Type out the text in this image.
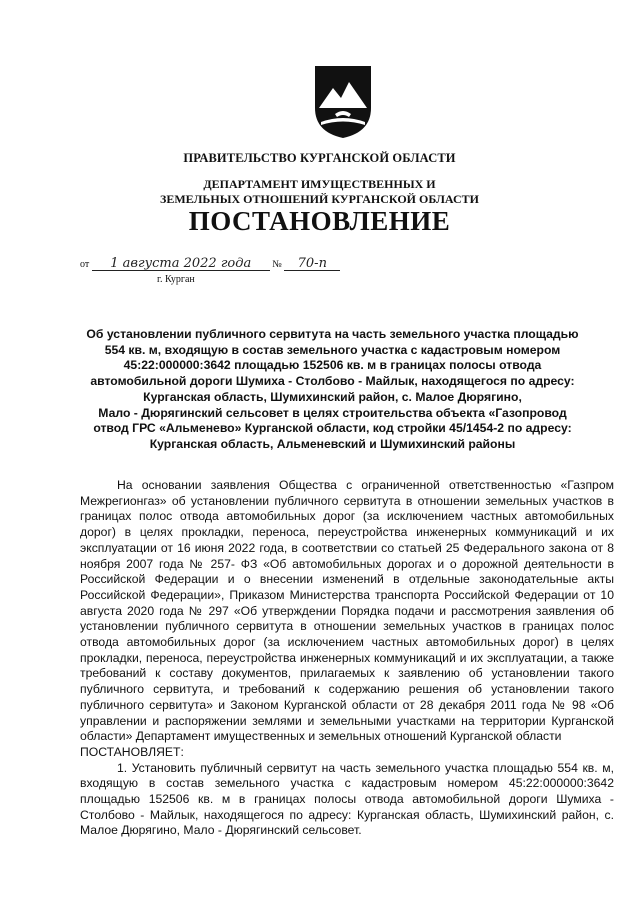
ПРАВИТЕЛЬСТВО КУРГАНСКОЙ ОБЛАСТИ
ДЕПАРТАМЕНТ ИМУЩЕСТВЕННЫХ И
ЗЕМЕЛЬНЫХ ОТНОШЕНИЙ КУРГАНСКОЙ ОБЛАСТИ
ПОСТАНОВЛЕНИЕ
от 1 августа 2022 года № 70-п
г. Курган
Об установлении публичного сервитута на часть земельного участка площадью
554 кв. м, входящую в состав земельного участка с кадастровым номером
45:22:000000:3642 площадью 152506 кв. м в границах полосы отвода
автомобильной дороги Шумиха - Столбово - Майлык, находящегося по адресу:
Курганская область, Шумихинский район, с. Малое Дюрягино,
Мало - Дюрягинский сельсовет в целях строительства объекта «Газопровод
отвод ГРС «Альменево» Курганской области, код стройки 45/1454-2 по адресу:
Курганская область, Альменевский и Шумихинский районы

На основании заявления Общества с ограниченной ответственностью «Газпром Межрегионгаз» об установлении публичного сервитута в отношении земельных участков в границах полос отвода автомобильных дорог (за исключением частных автомобильных дорог) в целях прокладки, переноса, переустройства инженерных коммуникаций и их эксплуатации от 16 июня 2022 года, в соответствии со статьей 25 Федерального закона от 8 ноября 2007 года № 257- ФЗ «Об автомобильных дорогах и о дорожной деятельности в Российской Федерации и о внесении изменений в отдельные законодательные акты Российской Федерации», Приказом Министерства транспорта Российской Федерации от 10 августа 2020 года № 297 «Об утверждении Порядка подачи и рассмотрения заявления об установлении публичного сервитута в отношении земельных участков в границах полос отвода автомобильных дорог (за исключением частных автомобильных дорог) в целях прокладки, переноса, переустройства инженерных коммуникаций и их эксплуатации, а также требований к составу документов, прилагаемых к заявлению об установлении такого публичного сервитута, и требований к содержанию решения об установлении такого публичного сервитута» и Законом Курганской области от 28 декабря 2011 года № 98 «Об управлении и распоряжении землями и земельными участками на территории Курганской области» Департамент имущественных и земельных отношений Курганской области

ПОСТАНОВЛЯЕТ:

1. Установить публичный сервитут на часть земельного участка площадью 554 кв. м, входящую в состав земельного участка с кадастровым номером 45:22:000000:3642 площадью 152506 кв. м в границах полосы отвода автомобильной дороги Шумиха - Столбово - Майлык, находящегося по адресу: Курганская область, Шумихинский район, с. Малое Дюрягино, Мало - Дюрягинский сельсовет.
